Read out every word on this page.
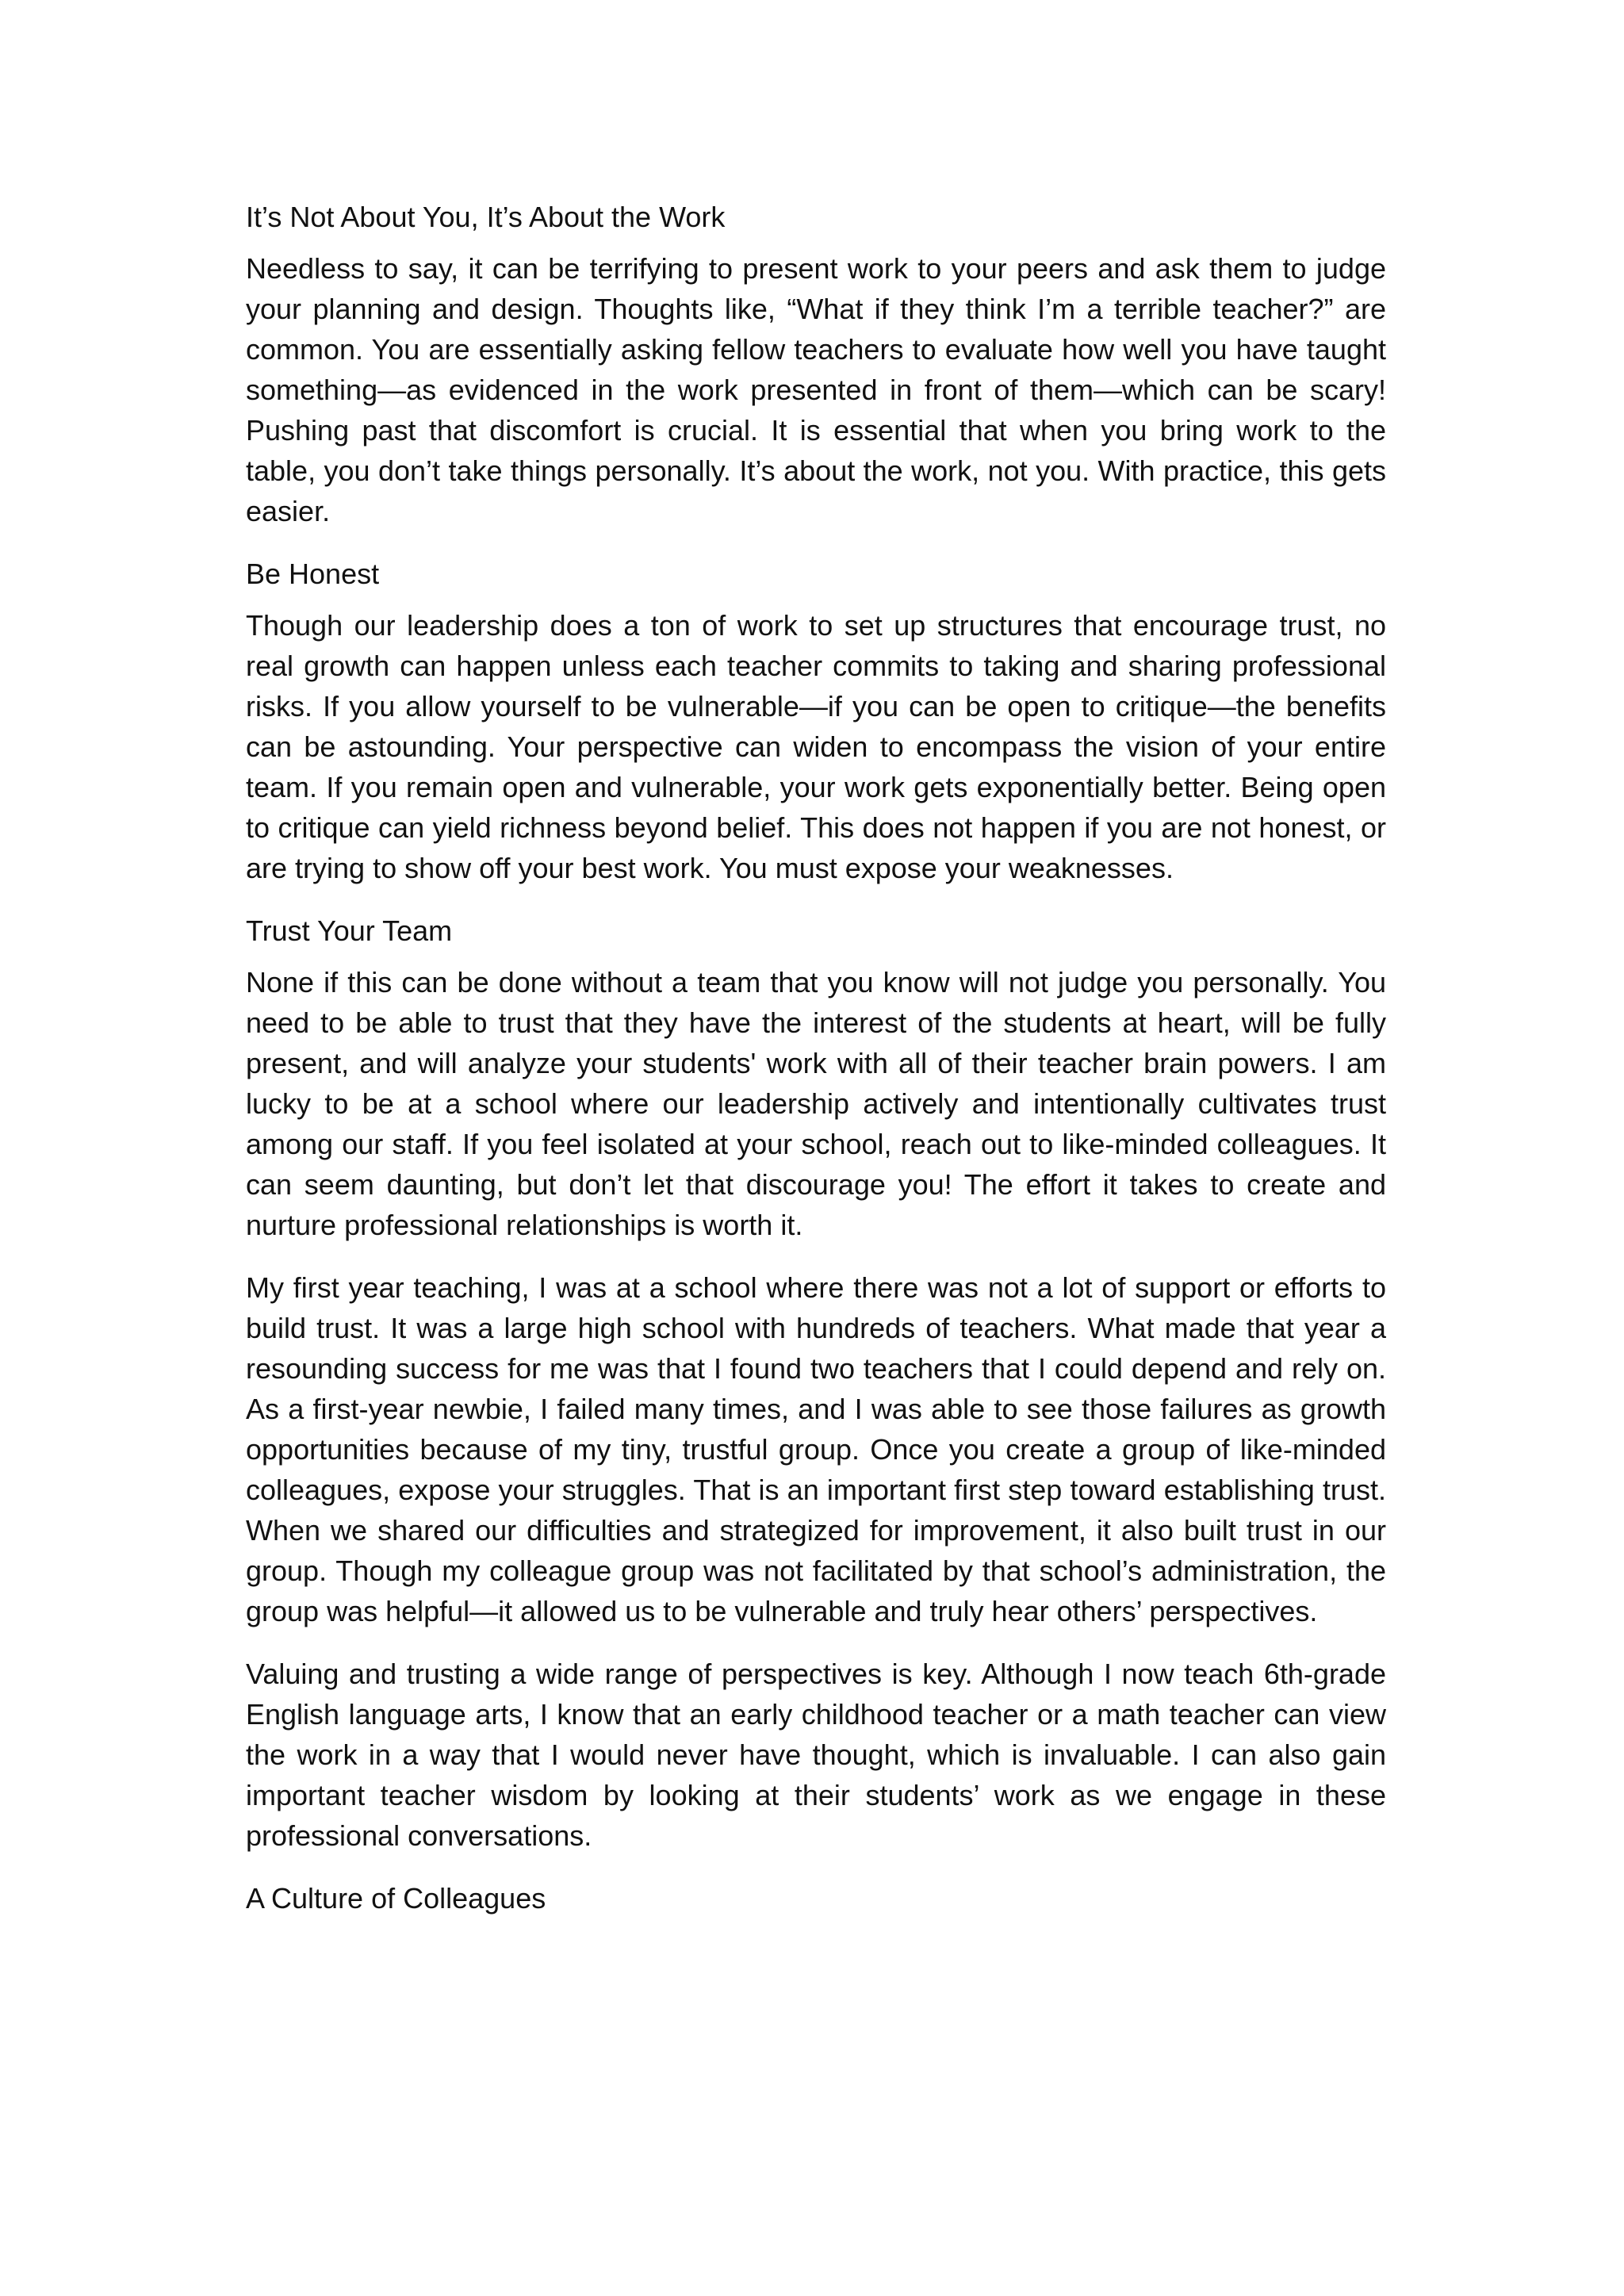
It’s Not About You, It’s About the Work

Needless to say, it can be terrifying to present work to your peers and ask them to judge your planning and design. Thoughts like, “What if they think I’m a terrible teacher?” are common. You are essentially asking fellow teachers to evaluate how well you have taught something—as evidenced in the work presented in front of them—which can be scary! Pushing past that discomfort is crucial. It is essential that when you bring work to the table, you don’t take things personally. It’s about the work, not you. With practice, this gets easier.

Be Honest

Though our leadership does a ton of work to set up structures that encourage trust, no real growth can happen unless each teacher commits to taking and sharing professional risks. If you allow yourself to be vulnerable—if you can be open to critique—the benefits can be astounding. Your perspective can widen to encompass the vision of your entire team. If you remain open and vulnerable, your work gets exponentially better. Being open to critique can yield richness beyond belief. This does not happen if you are not honest, or are trying to show off your best work. You must expose your weaknesses.

Trust Your Team

None if this can be done without a team that you know will not judge you personally. You need to be able to trust that they have the interest of the students at heart, will be fully present, and will analyze your students' work with all of their teacher brain powers. I am lucky to be at a school where our leadership actively and intentionally cultivates trust among our staff. If you feel isolated at your school, reach out to like-minded colleagues. It can seem daunting, but don’t let that discourage you! The effort it takes to create and nurture professional relationships is worth it.

My first year teaching, I was at a school where there was not a lot of support or efforts to build trust. It was a large high school with hundreds of teachers. What made that year a resounding success for me was that I found two teachers that I could depend and rely on. As a first-year newbie, I failed many times, and I was able to see those failures as growth opportunities because of my tiny, trustful group. Once you create a group of like-minded colleagues, expose your struggles. That is an important first step toward establishing trust. When we shared our difficulties and strategized for improvement, it also built trust in our group. Though my colleague group was not facilitated by that school’s administration, the group was helpful—it allowed us to be vulnerable and truly hear others’ perspectives.

Valuing and trusting a wide range of perspectives is key. Although I now teach 6th-grade English language arts, I know that an early childhood teacher or a math teacher can view the work in a way that I would never have thought, which is invaluable. I can also gain important teacher wisdom by looking at their students’ work as we engage in these professional conversations.

A Culture of Colleagues
